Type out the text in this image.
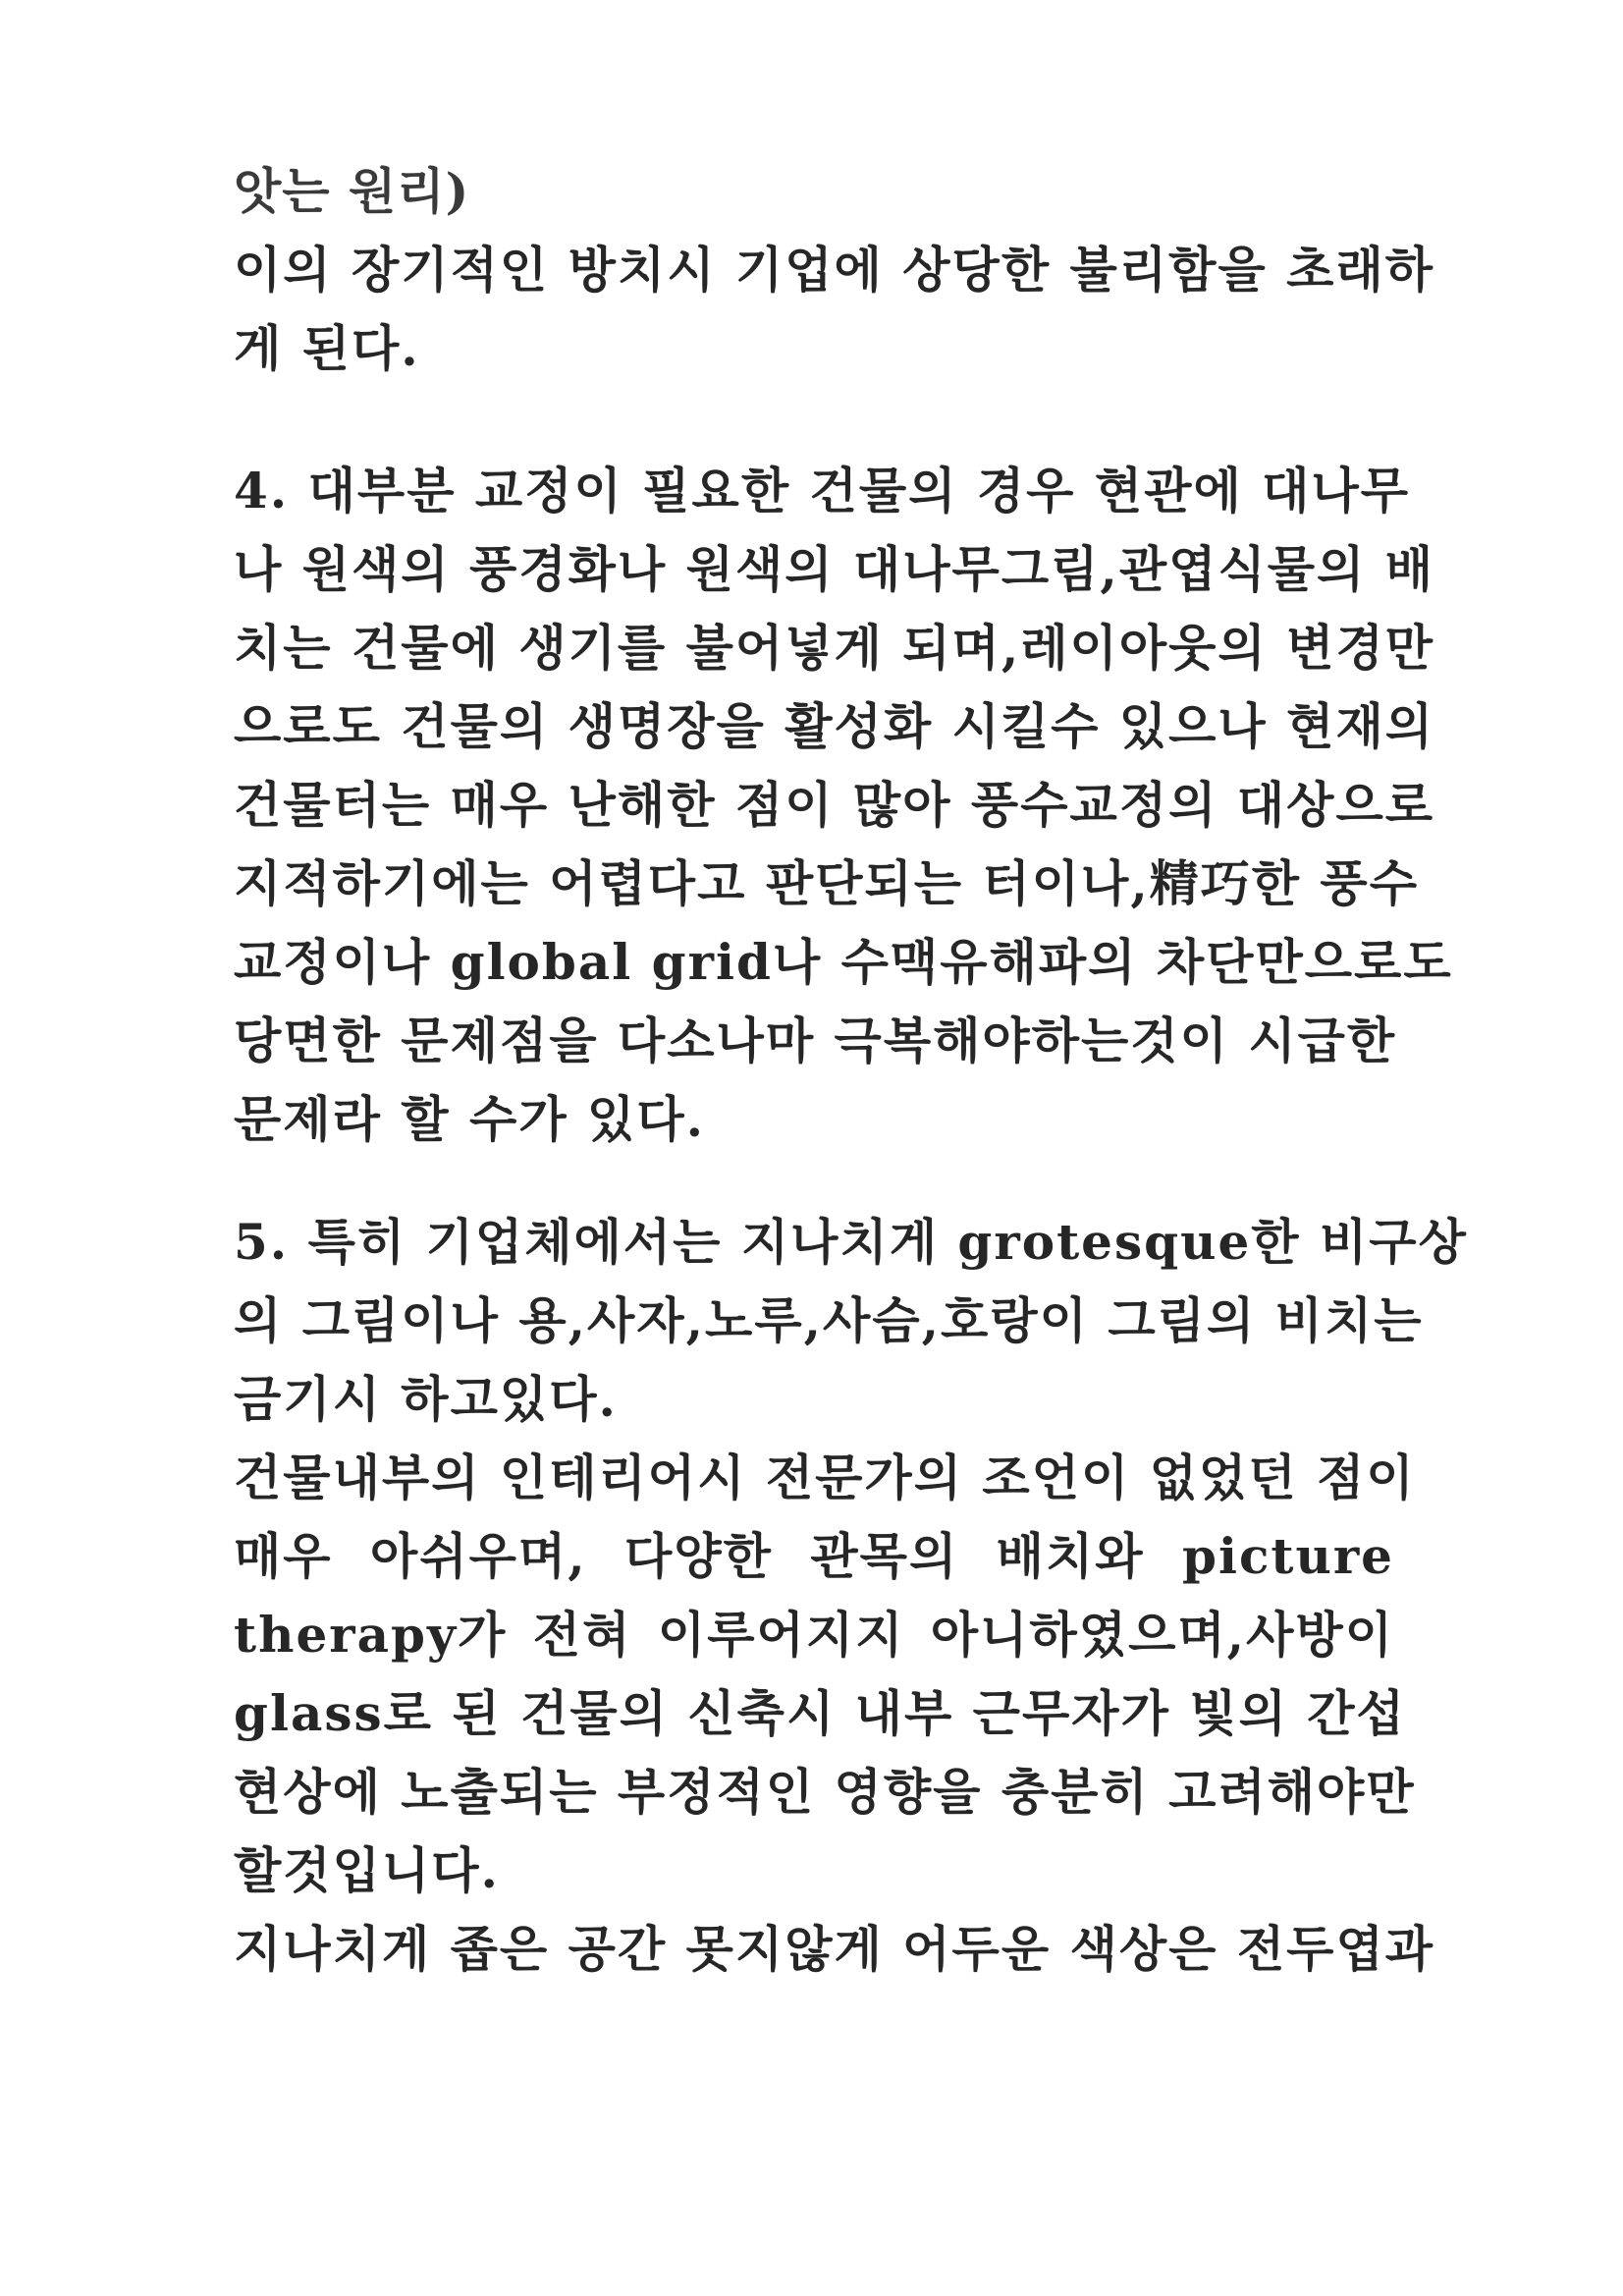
앗는 원리)
이의 장기적인 방치시 기업에 상당한 불리함을 초래하
게 된다.
4. 대부분 교정이 필요한 건물의 경우 현관에 대나무
나 원색의 풍경화나 원색의 대나무그림,관엽식물의 배
치는 건물에 생기를 불어넣게 되며,레이아웃의 변경만
으로도 건물의 생명장을 활성화 시킬수 있으나 현재의
건물터는 매우 난해한 점이 많아 풍수교정의 대상으로
지적하기에는 어렵다고 판단되는 터이나,精巧한 풍수
교정이나 global grid나 수맥유해파의 차단만으로도
당면한 문제점을 다소나마 극복해야하는것이 시급한
문제라 할 수가 있다.
5. 특히 기업체에서는 지나치게 grotesque한 비구상
의 그림이나 용,사자,노루,사슴,호랑이 그림의 비치는
금기시 하고있다.
건물내부의 인테리어시 전문가의 조언이 없었던 점이
매우 아쉬우며, 다양한 관목의 배치와 picture
therapy가 전혀 이루어지지 아니하였으며,사방이
glass로 된 건물의 신축시 내부 근무자가 빛의 간섭
현상에 노출되는 부정적인 영향을 충분히 고려해야만
할것입니다.
지나치게 좁은 공간 못지않게 어두운 색상은 전두엽과
